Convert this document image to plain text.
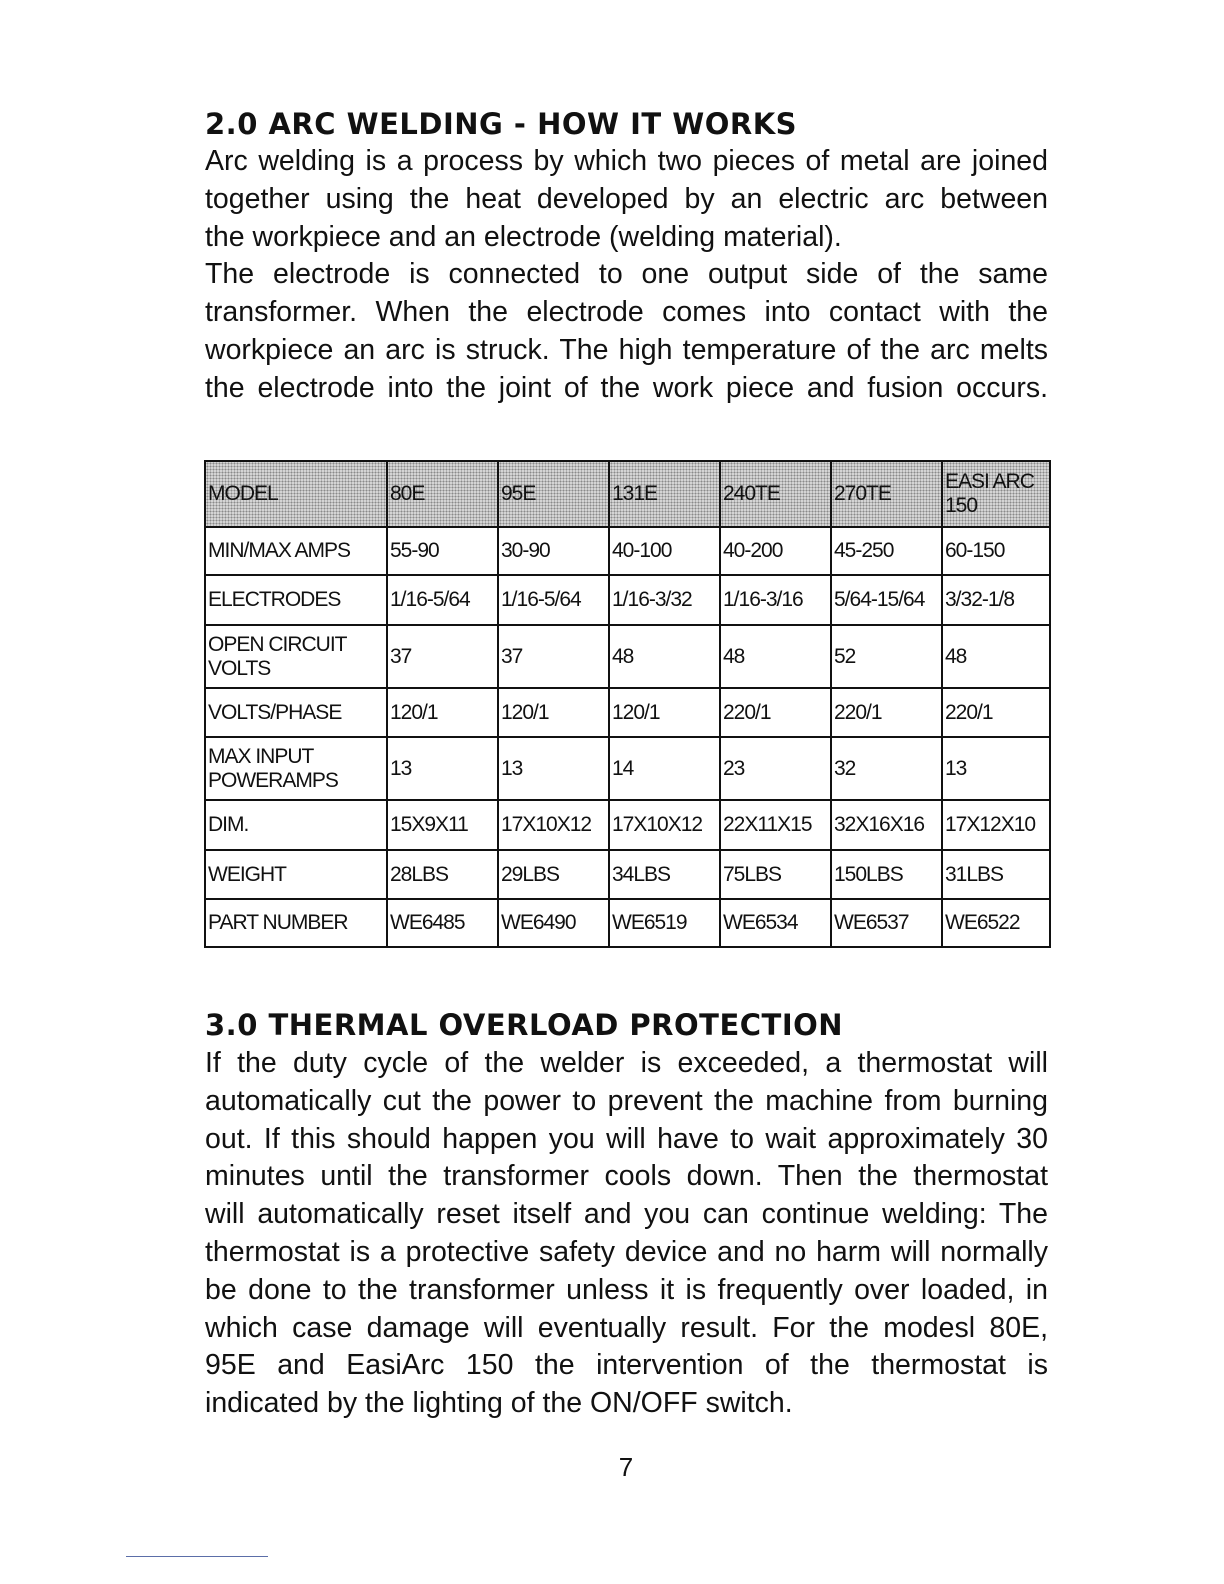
2.0 ARC WELDING - HOW IT WORKS

Arc welding is a process by which two pieces of metal are joined
together using the heat developed by an electric arc between
the workpiece and an electrode (welding material).
The electrode is connected to one output side of the same
transformer. When the electrode comes into contact with the
workpiece an arc is struck. The high temperature of the arc melts
the electrode into the joint of the work piece and fusion occurs.

MODEL	80E	95E	131E	240TE	270TE	EASI ARC 150
MIN/MAX AMPS	55-90	30-90	40-100	40-200	45-250	60-150
ELECTRODES	1/16-5/64	1/16-5/64	1/16-3/32	1/16-3/16	5/64-15/64	3/32-1/8
OPEN CIRCUIT VOLTS	37	37	48	48	52	48
VOLTS/PHASE	120/1	120/1	120/1	220/1	220/1	220/1
MAX INPUT POWERAMPS	13	13	14	23	32	13
DIM.	15X9X11	17X10X12	17X10X12	22X11X15	32X16X16	17X12X10
WEIGHT	28LBS	29LBS	34LBS	75LBS	150LBS	31LBS
PART NUMBER	WE6485	WE6490	WE6519	WE6534	WE6537	WE6522
3.0 THERMAL OVERLOAD PROTECTION

If the duty cycle of the welder is exceeded, a thermostat will
automatically cut the power to prevent the machine from burning
out. If this should happen you will have to wait approximately 30
minutes until the transformer cools down. Then the thermostat
will automatically reset itself and you can continue welding: The
thermostat is a protective safety device and no harm will normally
be done to the transformer unless it is frequently over loaded, in
which case damage will eventually result. For the modesl 80E,
95E and EasiArc 150 the intervention of the thermostat is
indicated by the lighting of the ON/OFF switch.

7
